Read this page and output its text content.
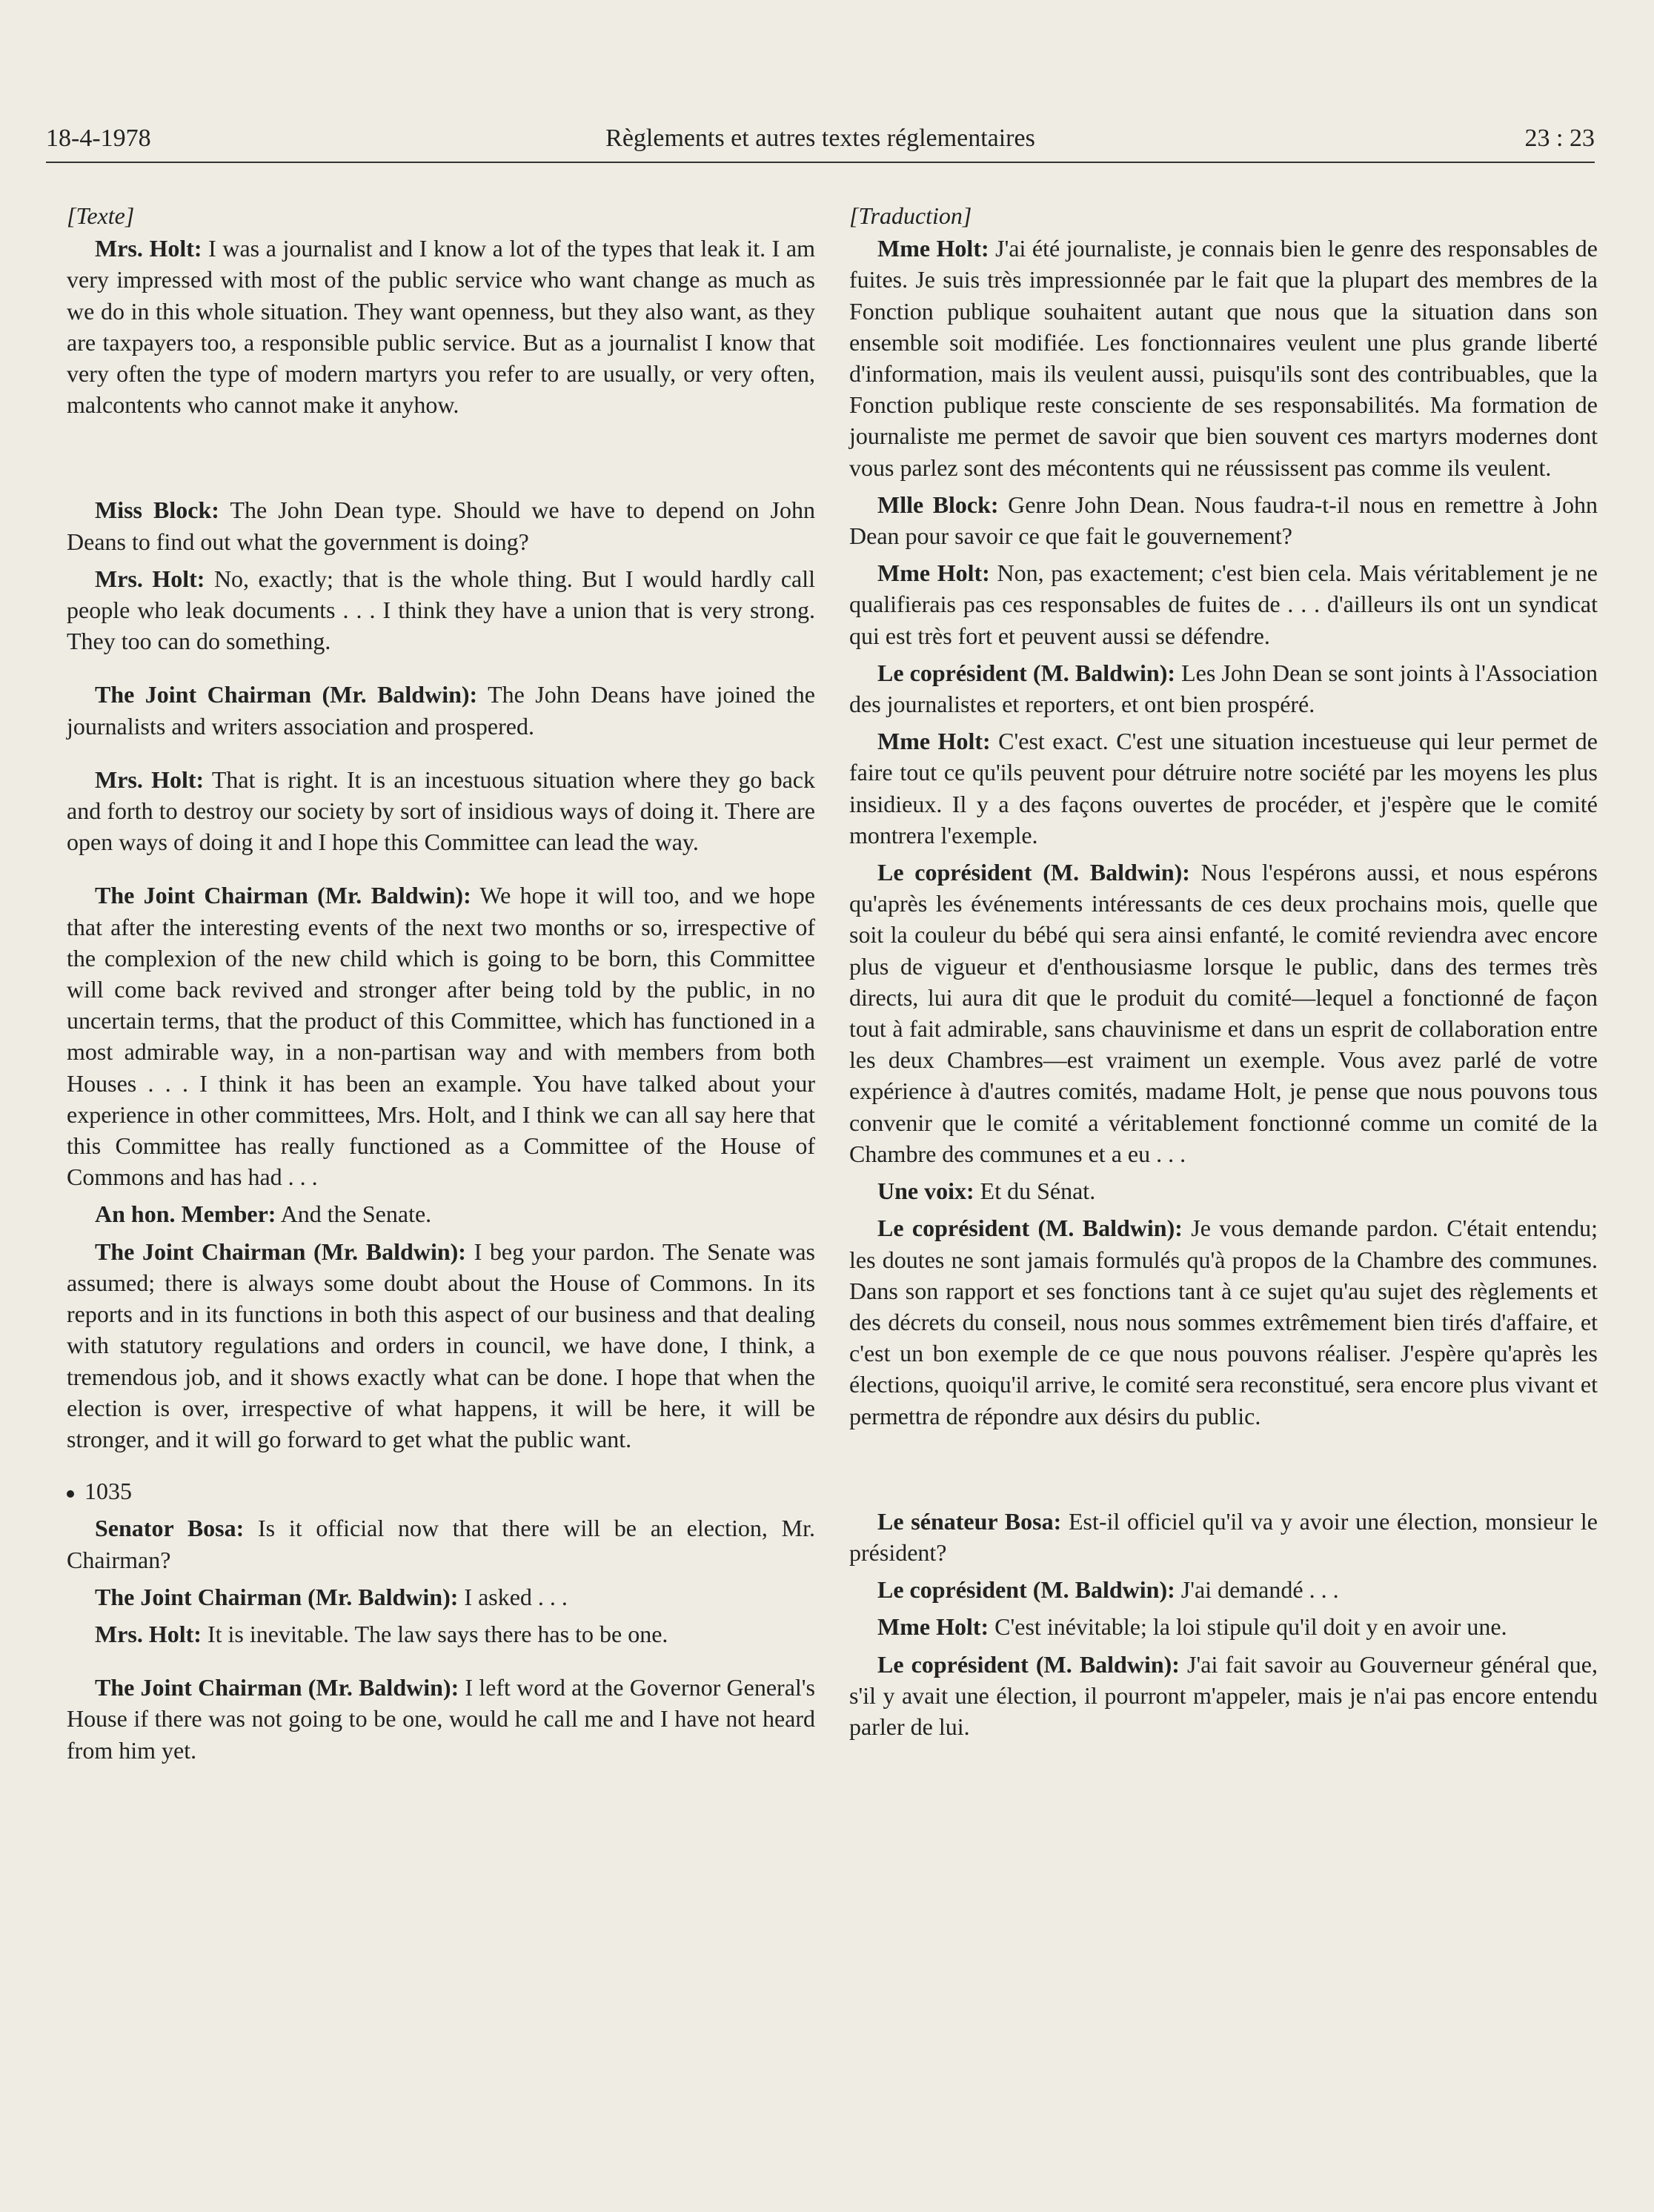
18-4-1978	Règlements et autres textes réglementaires	23 : 23

[Texte]

Mrs. Holt: I was a journalist and I know a lot of the types that leak it. I am very impressed with most of the public service who want change as much as we do in this whole situation. They want openness, but they also want, as they are taxpayers too, a responsible public service. But as a journalist I know that very often the type of modern martyrs you refer to are usually, or very often, malcontents who cannot make it anyhow.

Miss Block: The John Dean type. Should we have to depend on John Deans to find out what the government is doing?

Mrs. Holt: No, exactly; that is the whole thing. But I would hardly call people who leak documents . . . I think they have a union that is very strong. They too can do something.

The Joint Chairman (Mr. Baldwin): The John Deans have joined the journalists and writers association and prospered.

Mrs. Holt: That is right. It is an incestuous situation where they go back and forth to destroy our society by sort of insidious ways of doing it. There are open ways of doing it and I hope this Committee can lead the way.

The Joint Chairman (Mr. Baldwin): We hope it will too, and we hope that after the interesting events of the next two months or so, irrespective of the complexion of the new child which is going to be born, this Committee will come back revived and stronger after being told by the public, in no uncertain terms, that the product of this Committee, which has functioned in a most admirable way, in a non-partisan way and with members from both Houses . . . I think it has been an example. You have talked about your experience in other committees, Mrs. Holt, and I think we can all say here that this Committee has really functioned as a Committee of the House of Commons and has had . . .

An hon. Member: And the Senate.

The Joint Chairman (Mr. Baldwin): I beg your pardon. The Senate was assumed; there is always some doubt about the House of Commons. In its reports and in its functions in both this aspect of our business and that dealing with statutory regulations and orders in council, we have done, I think, a tremendous job, and it shows exactly what can be done. I hope that when the election is over, irrespective of what happens, it will be here, it will be stronger, and it will go forward to get what the public want.

1035

Senator Bosa: Is it official now that there will be an election, Mr. Chairman?

The Joint Chairman (Mr. Baldwin): I asked . . .

Mrs. Holt: It is inevitable. The law says there has to be one.

The Joint Chairman (Mr. Baldwin): I left word at the Governor General's House if there was not going to be one, would he call me and I have not heard from him yet.

[Traduction]

Mme Holt: J'ai été journaliste, je connais bien le genre des responsables de fuites. Je suis très impressionnée par le fait que la plupart des membres de la Fonction publique souhaitent autant que nous que la situation dans son ensemble soit modifiée. Les fonctionnaires veulent une plus grande liberté d'information, mais ils veulent aussi, puisqu'ils sont des contribuables, que la Fonction publique reste consciente de ses responsabilités. Ma formation de journaliste me permet de savoir que bien souvent ces martyrs modernes dont vous parlez sont des mécontents qui ne réussissent pas comme ils veulent.

Mlle Block: Genre John Dean. Nous faudra-t-il nous en remettre à John Dean pour savoir ce que fait le gouvernement?

Mme Holt: Non, pas exactement; c'est bien cela. Mais véritablement je ne qualifierais pas ces responsables de fuites de . . . d'ailleurs ils ont un syndicat qui est très fort et peuvent aussi se défendre.

Le coprésident (M. Baldwin): Les John Dean se sont joints à l'Association des journalistes et reporters, et ont bien prospéré.

Mme Holt: C'est exact. C'est une situation incestueuse qui leur permet de faire tout ce qu'ils peuvent pour détruire notre société par les moyens les plus insidieux. Il y a des façons ouvertes de procéder, et j'espère que le comité montrera l'exemple.

Le coprésident (M. Baldwin): Nous l'espérons aussi, et nous espérons qu'après les événements intéressants de ces deux prochains mois, quelle que soit la couleur du bébé qui sera ainsi enfanté, le comité reviendra avec encore plus de vigueur et d'enthousiasme lorsque le public, dans des termes très directs, lui aura dit que le produit du comité—lequel a fonctionné de façon tout à fait admirable, sans chauvinisme et dans un esprit de collaboration entre les deux Chambres—est vraiment un exemple. Vous avez parlé de votre expérience à d'autres comités, madame Holt, je pense que nous pouvons tous convenir que le comité a véritablement fonctionné comme un comité de la Chambre des communes et a eu . . .

Une voix: Et du Sénat.

Le coprésident (M. Baldwin): Je vous demande pardon. C'était entendu; les doutes ne sont jamais formulés qu'à propos de la Chambre des communes. Dans son rapport et ses fonctions tant à ce sujet qu'au sujet des règlements et des décrets du conseil, nous nous sommes extrêmement bien tirés d'affaire, et c'est un bon exemple de ce que nous pouvons réaliser. J'espère qu'après les élections, quoiqu'il arrive, le comité sera reconstitué, sera encore plus vivant et permettra de répondre aux désirs du public.

Le sénateur Bosa: Est-il officiel qu'il va y avoir une élection, monsieur le président?

Le coprésident (M. Baldwin): J'ai demandé . . .

Mme Holt: C'est inévitable; la loi stipule qu'il doit y en avoir une.

Le coprésident (M. Baldwin): J'ai fait savoir au Gouverneur général que, s'il y avait une élection, il pourront m'appeler, mais je n'ai pas encore entendu parler de lui.
